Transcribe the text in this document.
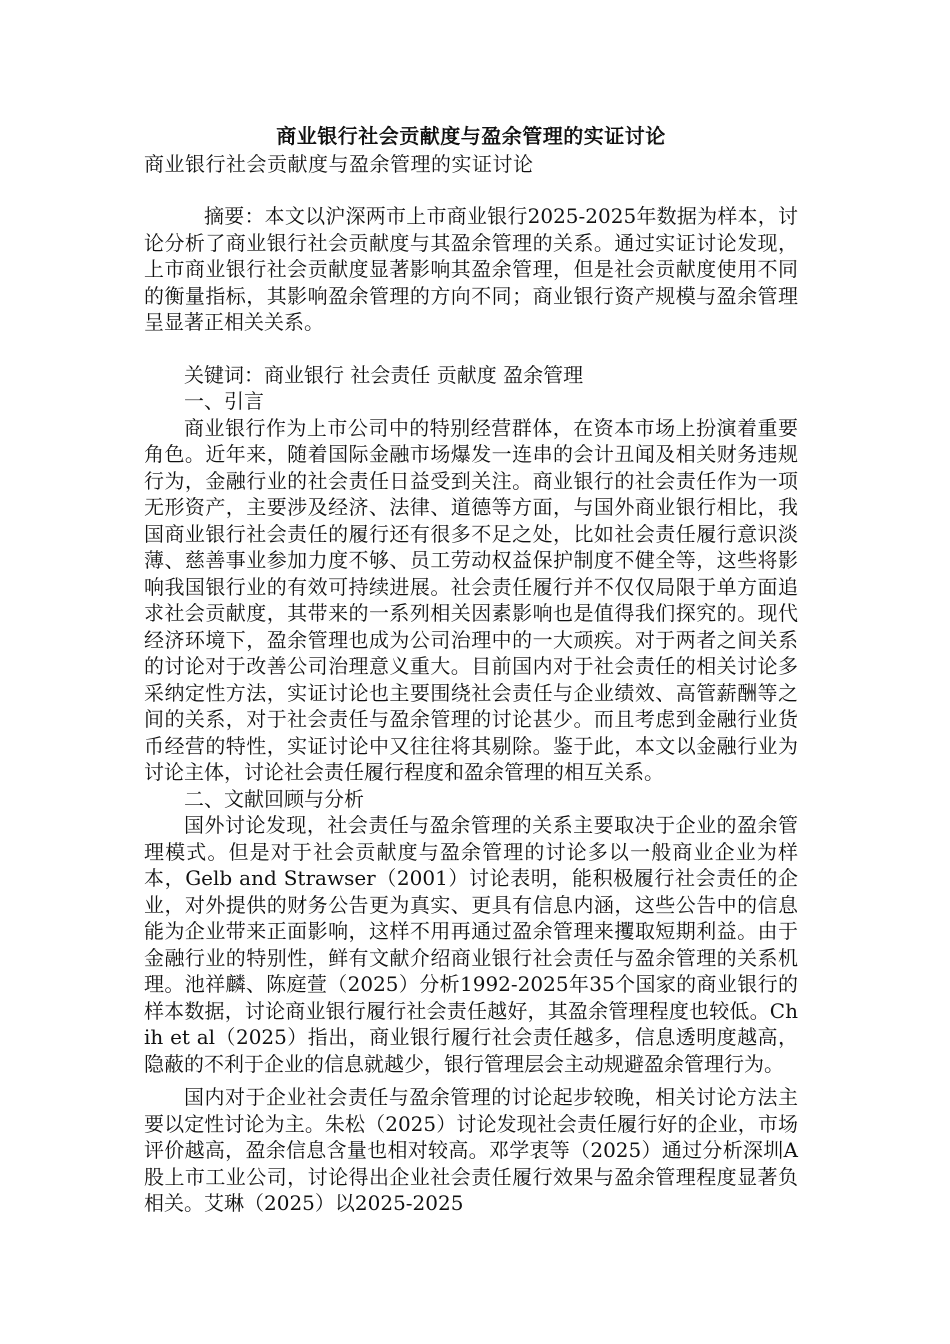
商业银行社会贡献度与盈余管理的实证讨论

商业银行社会贡献度与盈余管理的实证讨论

摘要：本文以沪深两市上市商业银行2025-2025年数据为样本，讨论分析了商业银行社会贡献度与其盈余管理的关系。通过实证讨论发现，上市商业银行社会贡献度显著影响其盈余管理，但是社会贡献度使用不同的衡量指标，其影响盈余管理的方向不同；商业银行资产规模与盈余管理呈显著正相关关系。

关键词：商业银行 社会责任 贡献度 盈余管理

一、引言

商业银行作为上市公司中的特别经营群体，在资本市场上扮演着重要角色。近年来，随着国际金融市场爆发一连串的会计丑闻及相关财务违规行为，金融行业的社会责任日益受到关注。商业银行的社会责任作为一项无形资产，主要涉及经济、法律、道德等方面，与国外商业银行相比，我国商业银行社会责任的履行还有很多不足之处，比如社会责任履行意识淡薄、慈善事业参加力度不够、员工劳动权益保护制度不健全等，这些将影响我国银行业的有效可持续进展。社会责任履行并不仅仅局限于单方面追求社会贡献度，其带来的一系列相关因素影响也是值得我们探究的。现代经济环境下，盈余管理也成为公司治理中的一大顽疾。对于两者之间关系的讨论对于改善公司治理意义重大。目前国内对于社会责任的相关讨论多采纳定性方法，实证讨论也主要围绕社会责任与企业绩效、高管薪酬等之间的关系，对于社会责任与盈余管理的讨论甚少。而且考虑到金融行业货币经营的特性，实证讨论中又往往将其剔除。鉴于此，本文以金融行业为讨论主体，讨论社会责任履行程度和盈余管理的相互关系。

二、文献回顾与分析

国外讨论发现，社会责任与盈余管理的关系主要取决于企业的盈余管理模式。但是对于社会贡献度与盈余管理的讨论多以一般商业企业为样本，Gelb and Strawser（2001）讨论表明，能积极履行社会责任的企业，对外提供的财务公告更为真实、更具有信息内涵，这些公告中的信息能为企业带来正面影响，这样不用再通过盈余管理来攫取短期利益。由于金融行业的特别性，鲜有文献介绍商业银行社会责任与盈余管理的关系机理。池祥麟、陈庭萱（2025）分析1992-2025年35个国家的商业银行的样本数据，讨论商业银行履行社会责任越好，其盈余管理程度也较低。Chih et al（2025）指出，商业银行履行社会责任越多，信息透明度越高，隐蔽的不利于企业的信息就越少，银行管理层会主动规避盈余管理行为。

国内对于企业社会责任与盈余管理的讨论起步较晚，相关讨论方法主要以定性讨论为主。朱松（2025）讨论发现社会责任履行好的企业，市场评价越高，盈余信息含量也相对较高。邓学衷等（2025）通过分析深圳A股上市工业公司，讨论得出企业社会责任履行效果与盈余管理程度显著负相关。艾琳（2025）以2025-2025
